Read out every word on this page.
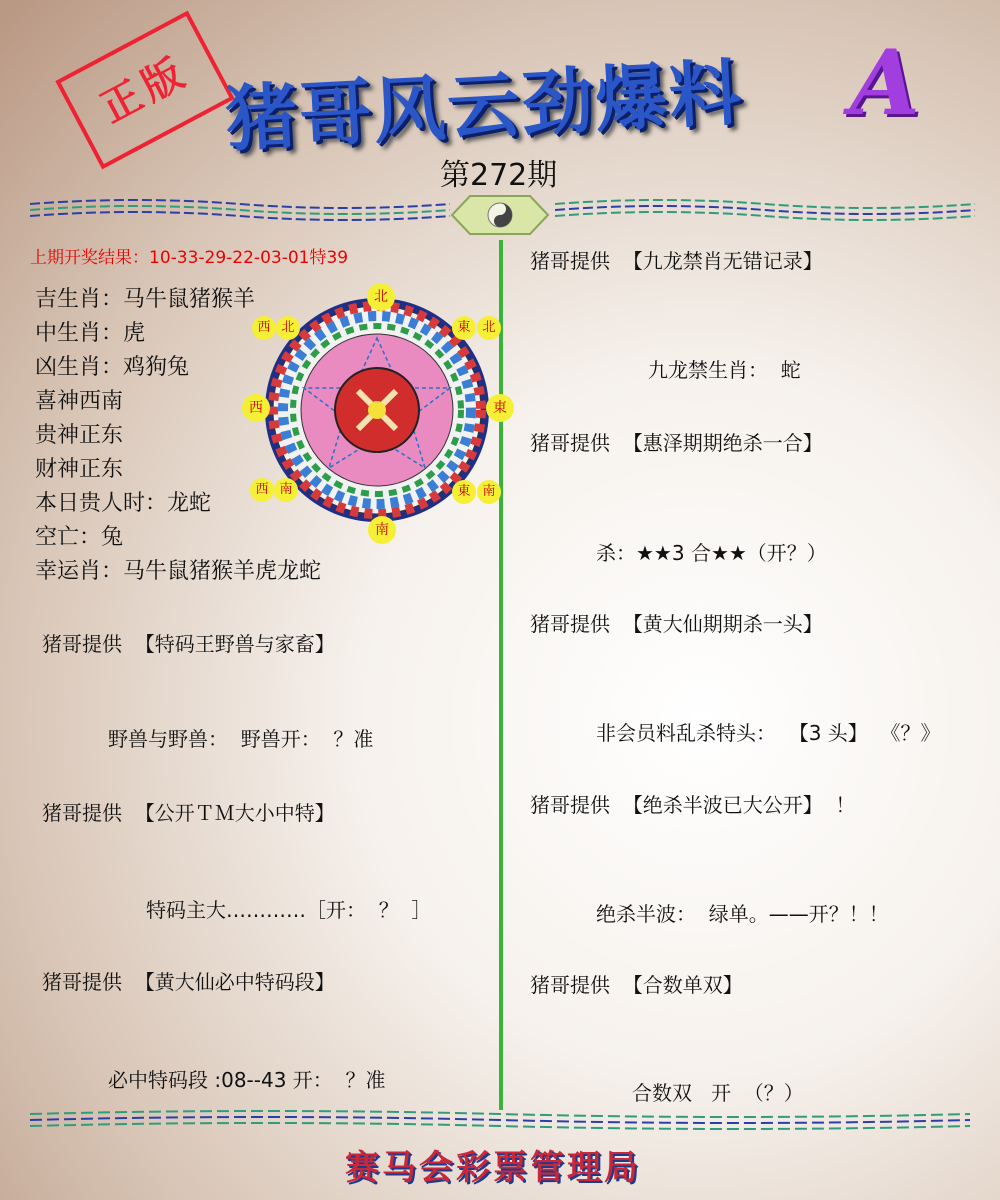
正版 猪哥风云劲爆料 A
第272期
上期开奖结果：10-33-29-22-03-01特39
吉生肖：马牛鼠猪猴羊
中生肖：虎
凶生肖：鸡狗兔
喜神西南
贵神正东
财神正东
本日贵人时：龙蛇
空亡：兔
幸运肖：马牛鼠猪猴羊虎龙蛇
北
南
東
西
西 北	東 北
西 南	東 南
猪哥提供  【特码王野兽与家畜】
野兽与野兽：  野兽开：  ？准
猪哥提供  【公开ＴＭ大小中特】
特码主大…………［开：  ？  ］
猪哥提供  【黄大仙必中特码段】
必中特码段 :08--43 开：  ？准
猪哥提供  【九龙禁肖无错记录】
九龙禁生肖：  蛇
猪哥提供  【惠泽期期绝杀一合】
杀：★★3 合★★（开？）
猪哥提供  【黄大仙期期杀一头】
非会员料乱杀特头：  【3 头】  《？》
猪哥提供  【绝杀半波已大公开】  ！
绝杀半波：  绿单。——开？！！
猪哥提供  【合数单双】
合数双   开  （？）
赛马会彩票管理局
